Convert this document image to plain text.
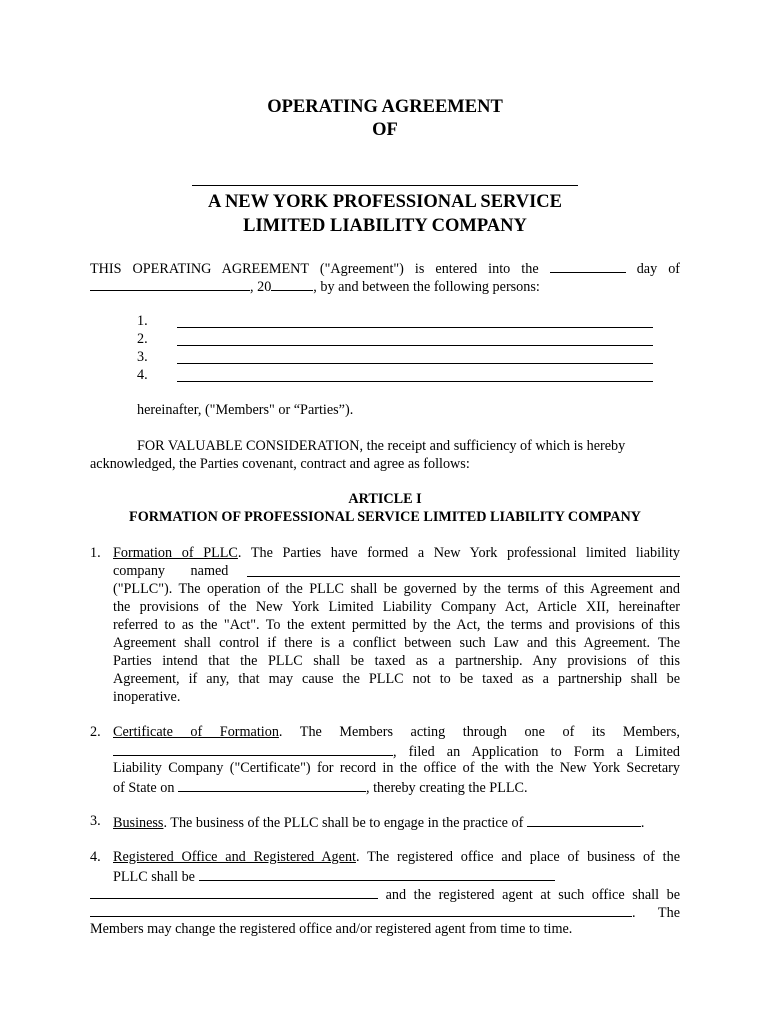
OPERATING AGREEMENT
OF
A NEW YORK PROFESSIONAL SERVICE
LIMITED LIABILITY COMPANY
THIS OPERATING AGREEMENT ("Agreement") is entered into the	day of
, 20	, by and between the following persons:
1.
2.
3.
4.
hereinafter, ("Members" or “Parties”).
FOR VALUABLE CONSIDERATION, the receipt and sufficiency of which is hereby
acknowledged, the Parties covenant, contract and agree as follows:
ARTICLE I
FORMATION OF PROFESSIONAL SERVICE LIMITED LIABILITY COMPANY
1. Formation of PLLC. The Parties have formed a New York professional limited liability
company named
("PLLC"). The operation of the PLLC shall be governed by the terms of this Agreement and
the provisions of the New York Limited Liability Company Act, Article XII, hereinafter
referred to as the "Act". To the extent permitted by the Act, the terms and provisions of this
Agreement shall control if there is a conflict between such Law and this Agreement. The
Parties intend that the PLLC shall be taxed as a partnership. Any provisions of this
Agreement, if any, that may cause the PLLC not to be taxed as a partnership shall be
inoperative.
2. Certificate of Formation. The Members acting through one of its Members,
, filed an Application to Form a Limited
Liability Company ("Certificate") for record in the office of the with the New York Secretary
of State on	, thereby creating the PLLC.
3. Business. The business of the PLLC shall be to engage in the practice of	.
4. Registered Office and Registered Agent. The registered office and place of business of the
PLLC shall be
and the registered agent at such office shall be
. The
Members may change the registered office and/or registered agent from time to time.
